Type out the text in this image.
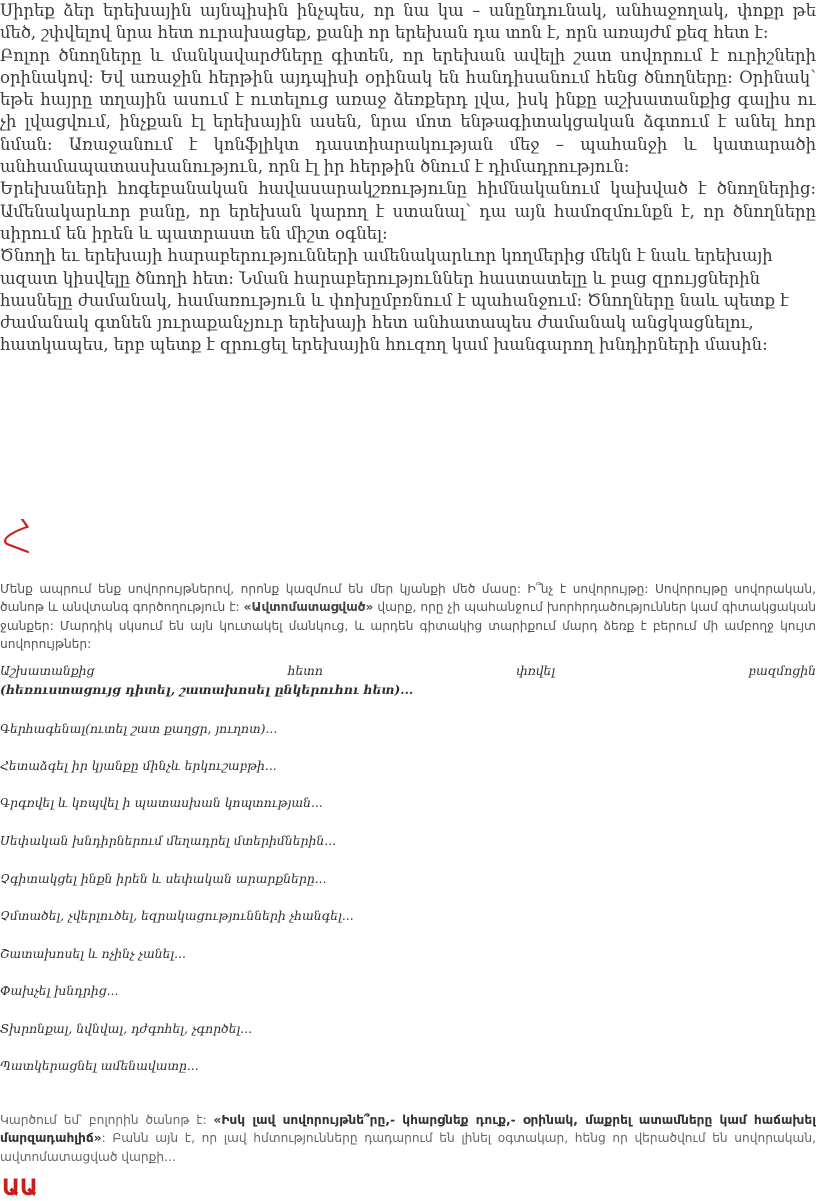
Սիրեք ձեր երեխային այնպիսին ինչպես, որ նա կա – անընդունակ, անհաջողակ, փոքր թե մեծ, շփվելով նրա հետ ուրախացեք, քանի որ երեխան դա տոն է, որն առայժմ քեզ հետ է:

Բոլոր ծնողները և մանկավարժները գիտեն, որ երեխան ավելի շատ սովորում է ուրիշների օրինակով: Եվ առաջին հերթին այդպիսի օրինակ են հանդիսանում հենց ծնողները: Օրինակ՝ եթե հայրը տղային ասում է ուտելուց առաջ ձեռքերդ լվա, իսկ ինքը աշխատանքից գալիս ու չի լվացվում, ինչքան էլ երեխային ասեն, նրա մոտ ենթագիտակցական ձգտում է անել հոր նման: Առաջանում է կոնֆլիկտ դաստիարակության մեջ – պահանջի և կատարածի անհամապատասխանություն, որն էլ իր հերթին ծնում է դիմադրություն:

Երեխաների հոգեբանական հավասարակշռությունը հիմնականում կախված է ծնողներից: Ամենակարևոր բանը, որ երեխան կարող է ստանալ՝ դա այն համոզմունքն է, որ ծնողները սիրում են իրեն և պատրաստ են միշտ օգնել:

Ծնողի եւ երեխայի հարաբերությունների ամենակարևոր կողմերից մեկն է նաև երեխայի ազատ կիսվելը ծնողի հետ: Նման հարաբերություններ հաստատելը և բաց զրույցներին հասնելը ժամանակ, համառություն և փոխըմբռնում է պահանջում: Ծնողները նաև պետք է ժամանակ գտնեն յուրաքանչյուր երեխայի հետ անհատապես ժամանակ անցկացնելու, հատկապես, երբ պետք է զրուցել երեխային հուզող կամ խանգարող խնդիրների մասին:

Հ
Մենք ապրում ենք սովորույթներով, որոնք կազմում են մեր կյանքի մեծ մասը: Ի՞նչ է սովորույթը: Սովորույթը սովորական, ծանոթ և անվտանգ գործողություն է: «Ավտոմատացված» վարք, որը չի պահանջում խորհրդածություններ կամ գիտակցական ջանքեր: Մարդիկ սկսում են այն կուտակել մանկուց, և արդեն գիտակից տարիքում մարդ ձեռք է բերում մի ամբողջ կույտ սովորույթներ:
Աշխատանքից	հետո	փռվել	բազմոցին
(հեռուստացույց դիտել, շատախոսել ընկերուհու հետ)...
Գերհագենալ(ուտել շատ քաղցր, յուղոտ)...
Հետաձգել իր կյանքը մինչև երկուշաբթի...
Գրգռվել և կռպվել ի պատասխան կոպտության...
Սեփական խնդիրներում մեղադրել մտերիմներին...
Չգիտակցել ինքն իրեն և սեփական արարքները...
Չմտածել, չվերլուծել, եզրակացությունների չհանգել...
Շատախոսել և ոչինչ չանել...
Փախչել խնդրից...
Տխրոնքալ, նվնվալ, դժգոհել, չգործել...
Պատկերացնել ամենավատը...
Կարծում եմ՝ բոլորին ծանոթ է: «Իսկ լավ սովորույթնե՞րը,- կհարցնեք դուք,- օրինակ, մաքրել ատամները կամ հաճախել մարզադահլիճ»: Բանն այն է, որ լավ հմտությունները դադարում են լինել օգտակար, հենց որ վերածվում են սովորական, ավտոմատացված վարքի...
ԱԱ
